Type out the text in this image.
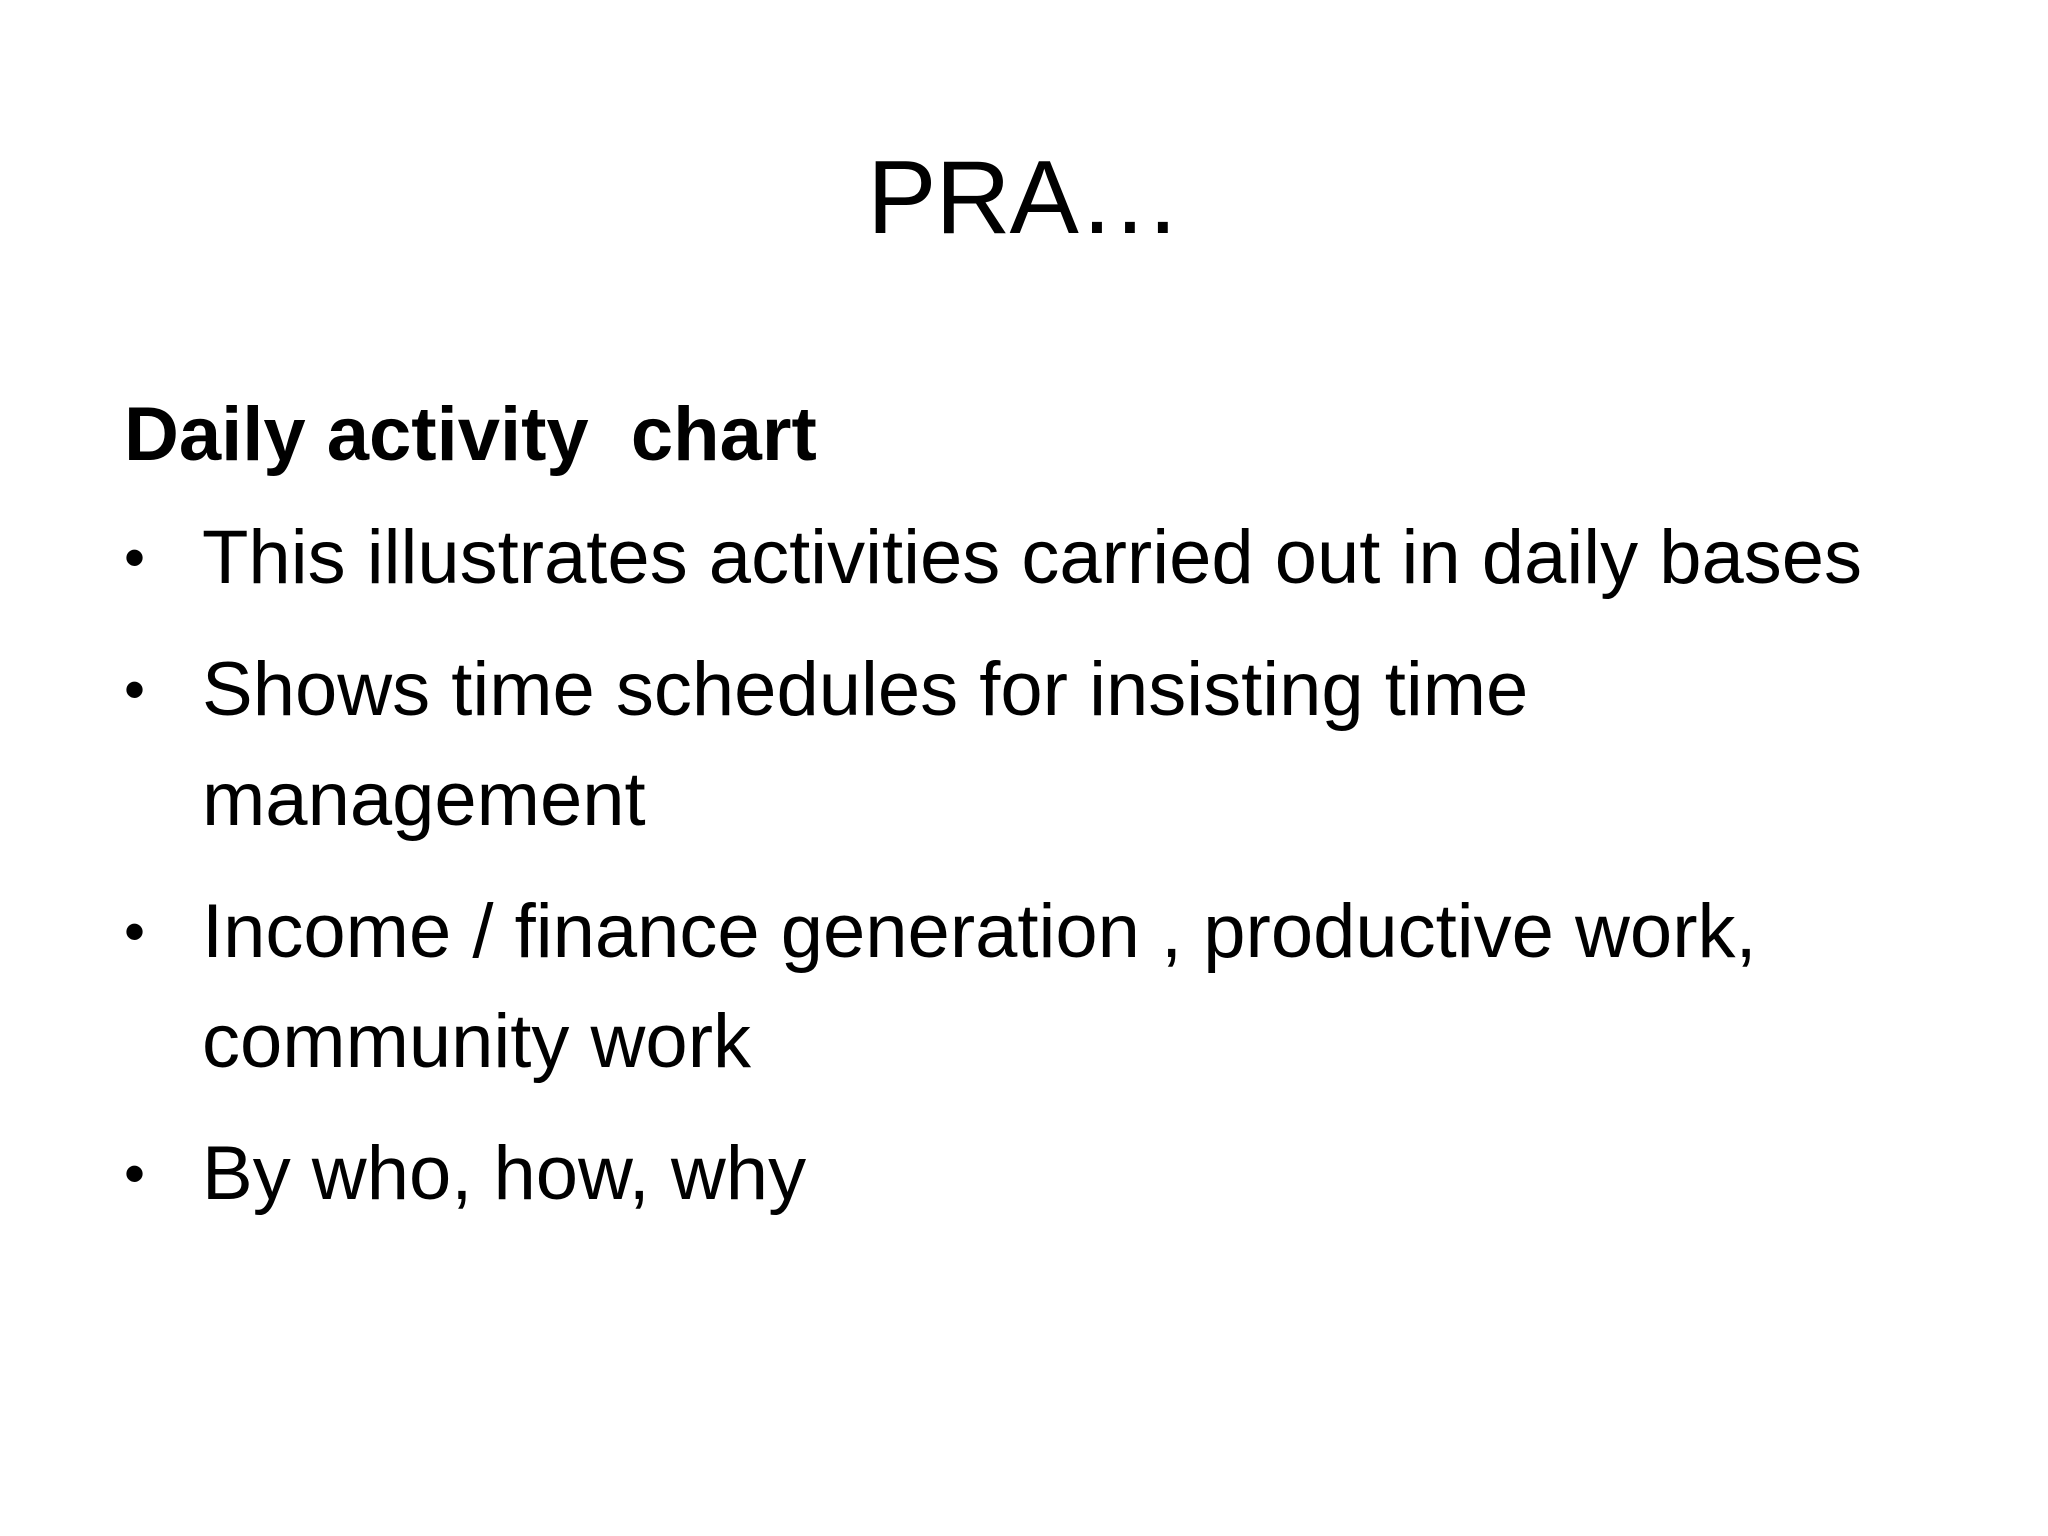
PRA…
Daily activity  chart
• This illustrates activities carried out in daily bases
• Shows time schedules for insisting time management
• Income / finance generation , productive work, community work
• By who, how, why
